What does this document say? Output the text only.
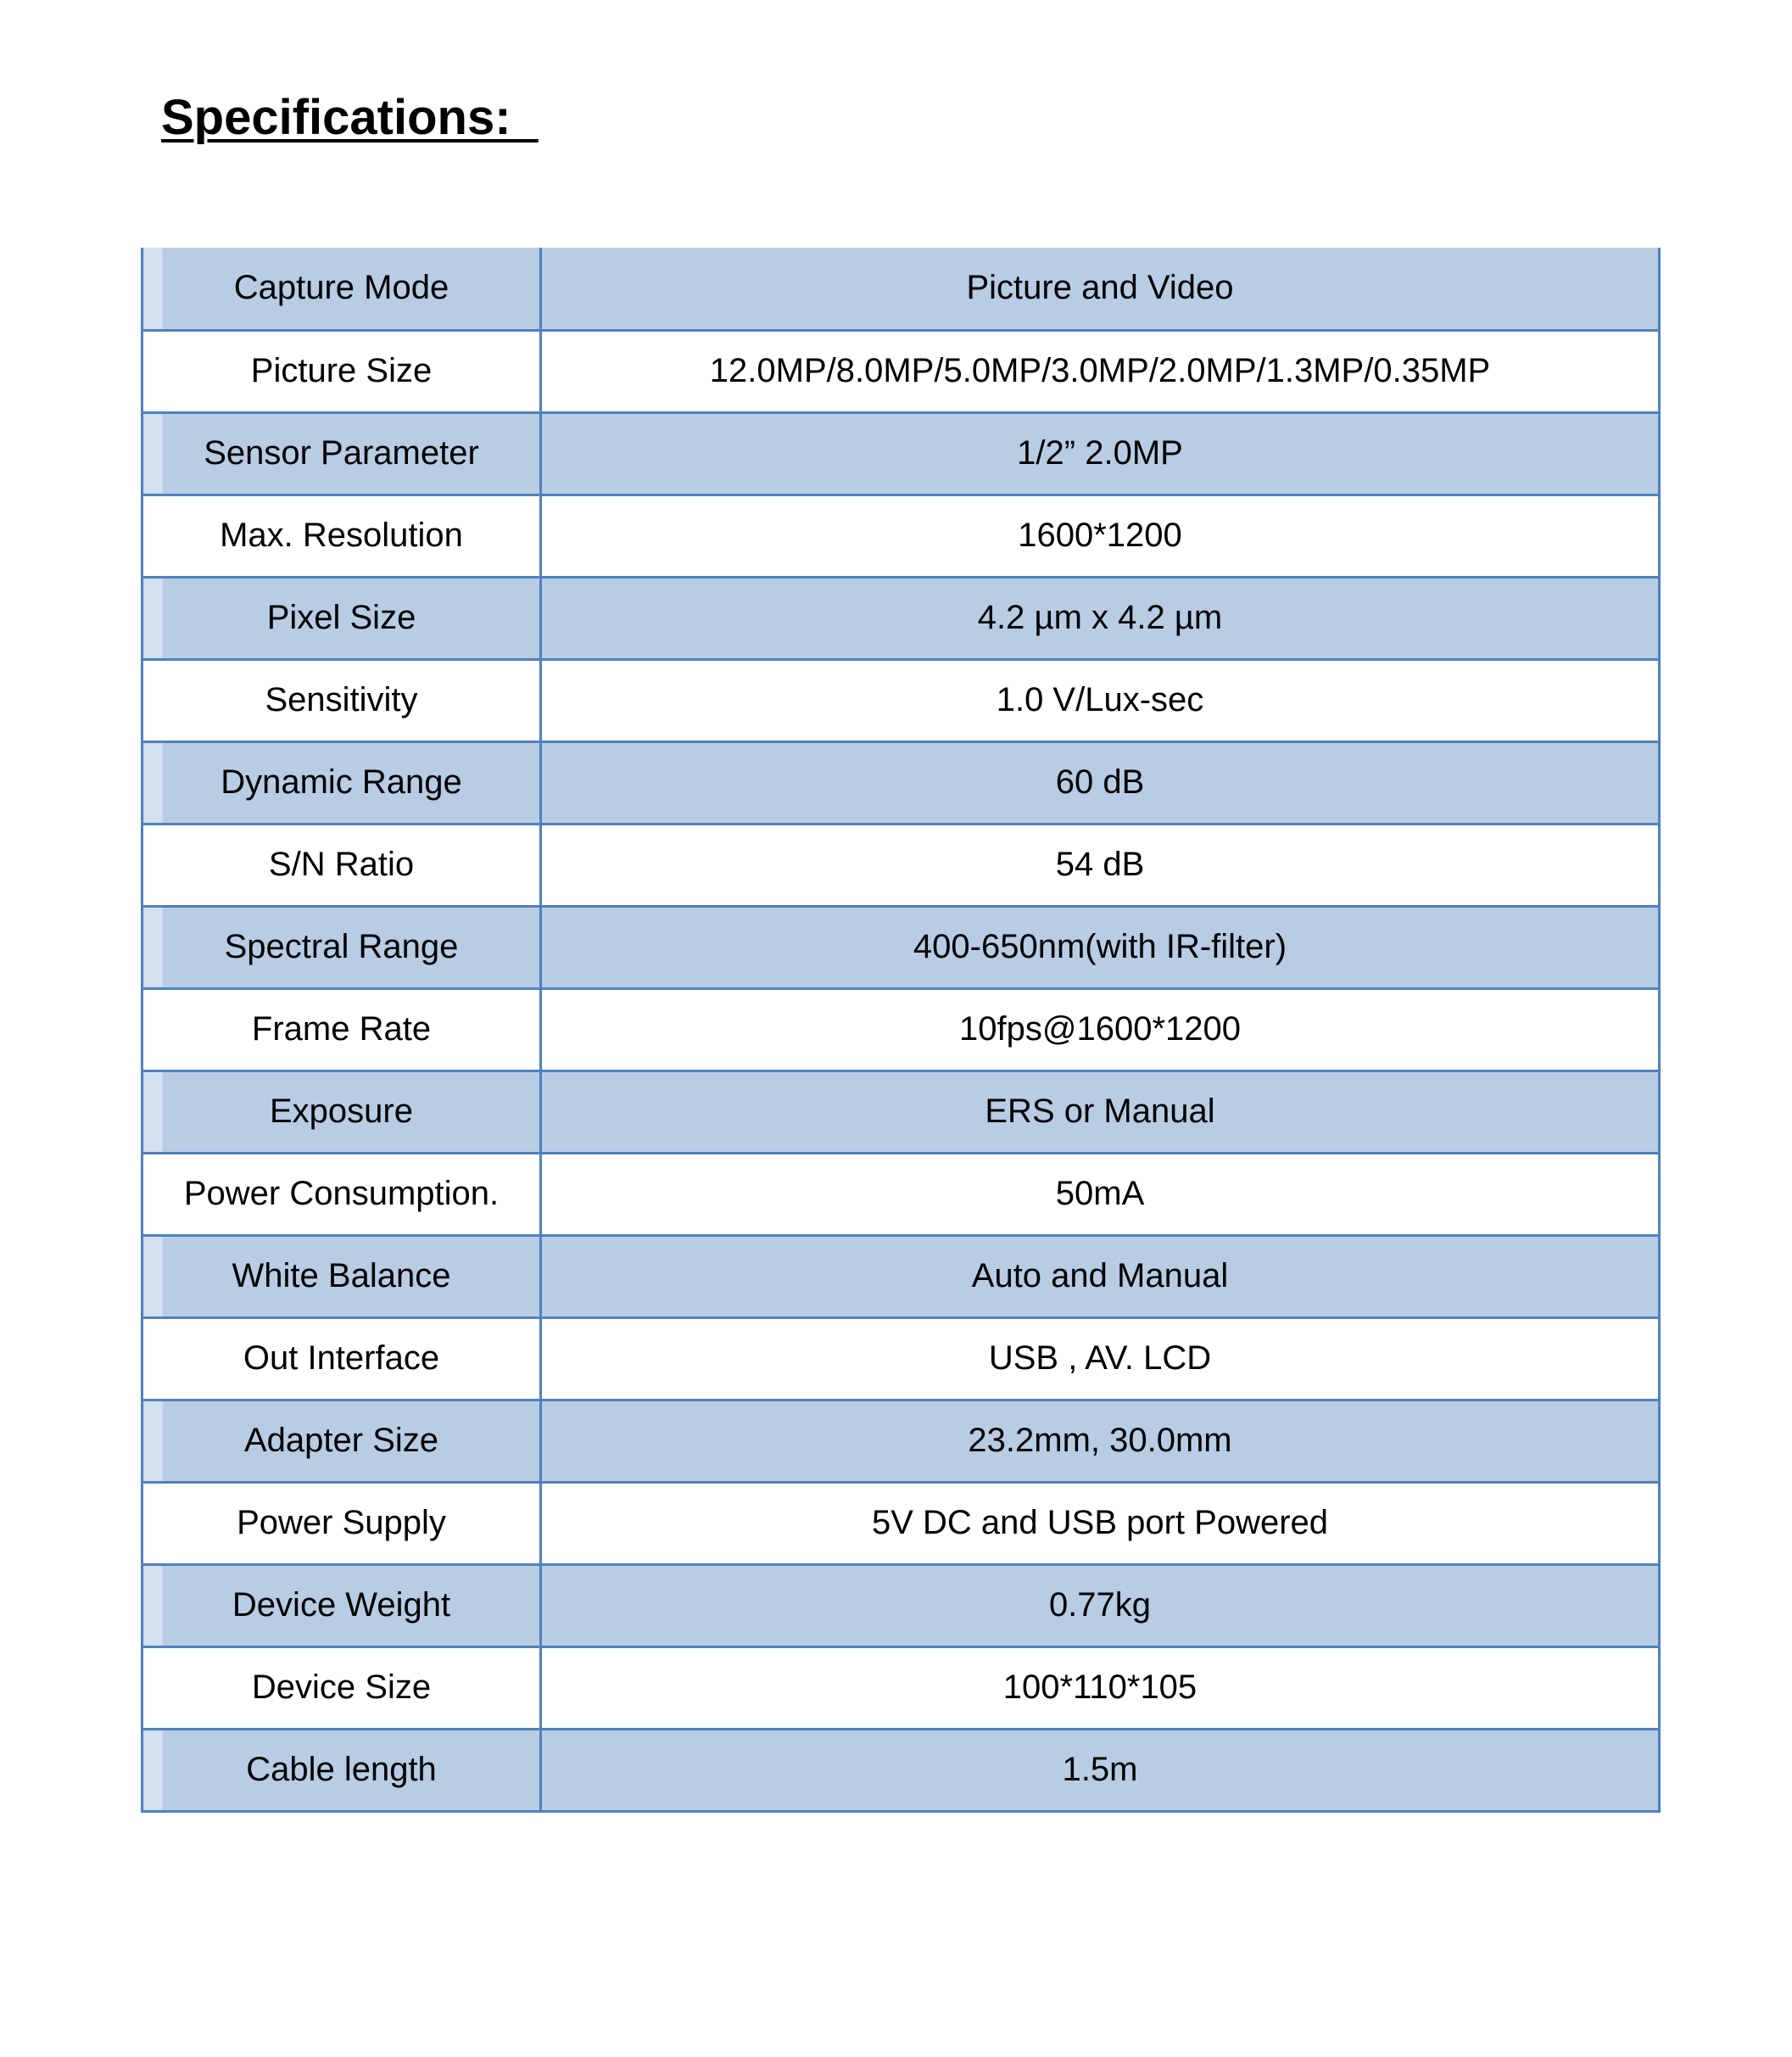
Specifications:
Capture Mode	Picture and Video
Picture Size	12.0MP/8.0MP/5.0MP/3.0MP/2.0MP/1.3MP/0.35MP
Sensor Parameter	1/2” 2.0MP
Max. Resolution	1600*1200
Pixel Size	4.2 µm x 4.2 µm
Sensitivity	1.0 V/Lux-sec
Dynamic Range	60 dB
S/N Ratio	54 dB
Spectral Range	400-650nm(with IR-filter)
Frame Rate	10fps@1600*1200
Exposure	ERS or Manual
Power Consumption.	50mA
White Balance	Auto and Manual
Out Interface	USB , AV. LCD
Adapter Size	23.2mm, 30.0mm
Power Supply	5V DC and USB port Powered
Device Weight	0.77kg
Device Size	100*110*105
Cable length	1.5m
